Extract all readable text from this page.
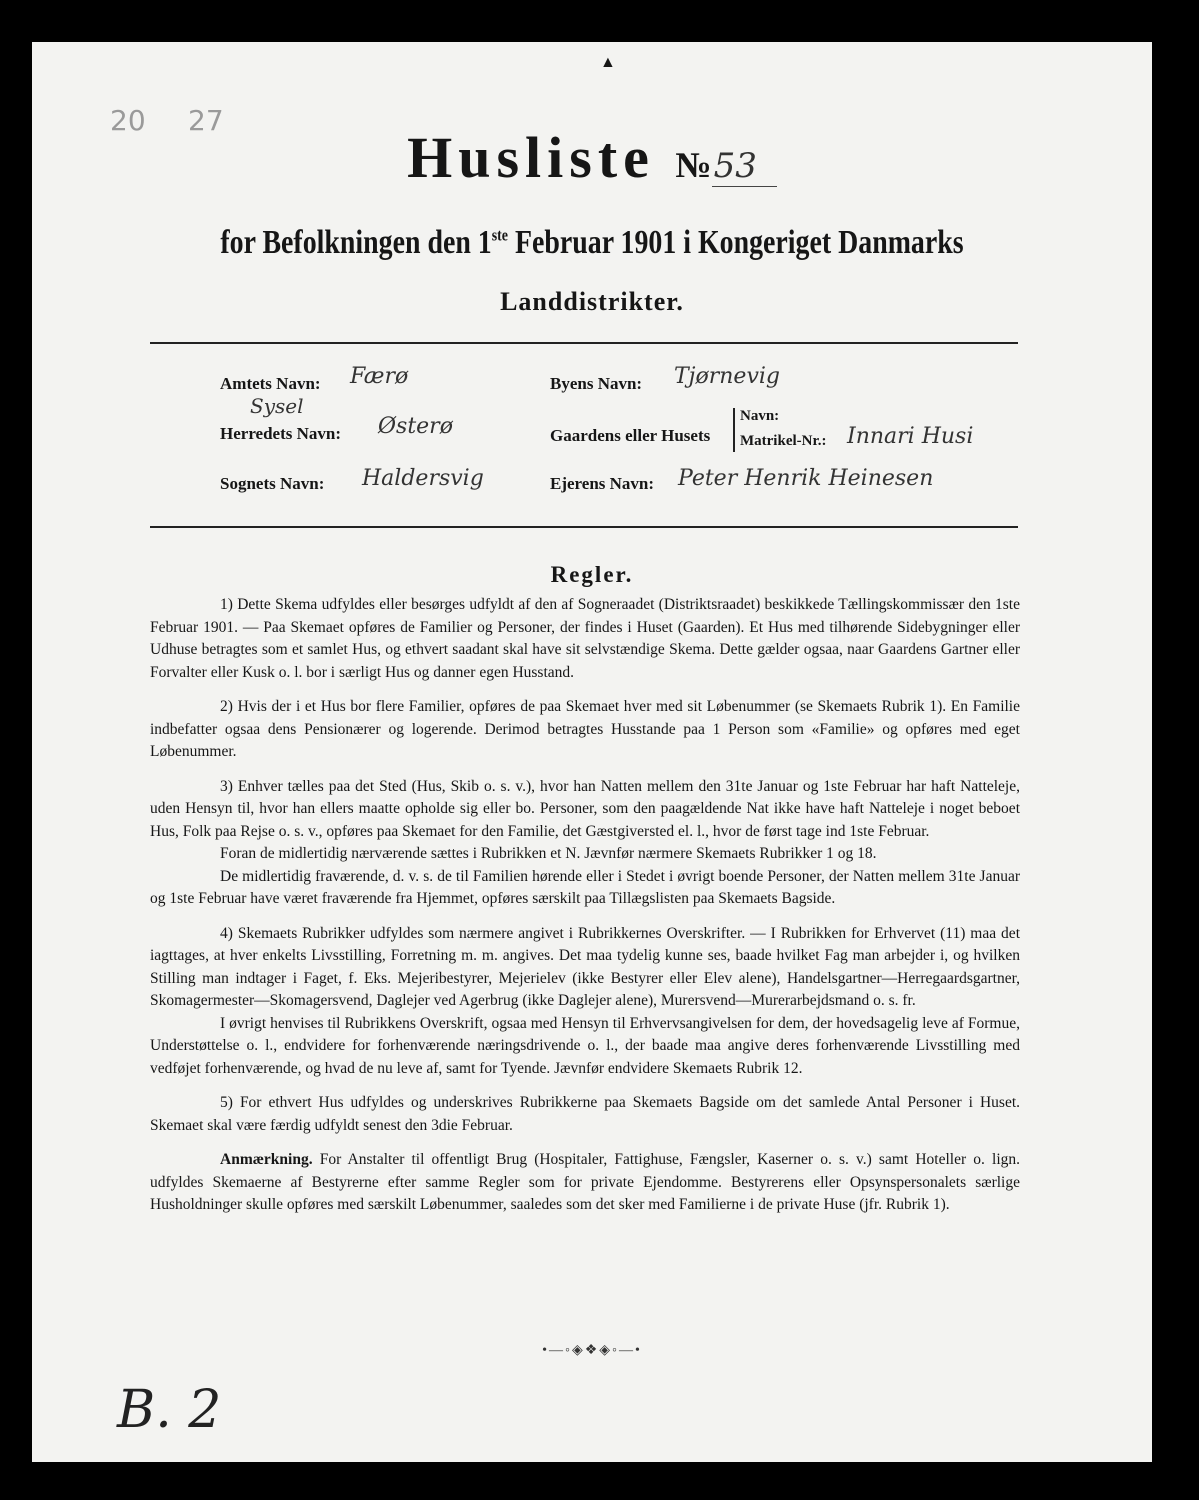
▲
20 27
Husliste №53
for Befolkningen den 1ste Februar 1901 i Kongeriget Danmarks
Landdistrikter.
Amtets Navn: Færø
Sysel
Herredets Navn: Østerø
Sognets Navn: Haldersvig
Byens Navn: Tjørnevig
Gaardens eller Husets
Navn:
Matrikel-Nr.: Innari Husi
Ejerens Navn: Peter Henrik Heinesen
Regler.

1) Dette Skema udfyldes eller besørges udfyldt af den af Sogneraadet (Distriktsraadet) beskikkede Tællingskommissær den 1ste Februar 1901. — Paa Skemaet opføres de Familier og Personer, der findes i Huset (Gaarden). Et Hus med tilhørende Sidebygninger eller Udhuse betragtes som et samlet Hus, og ethvert saadant skal have sit selvstændige Skema. Dette gælder ogsaa, naar Gaardens Gartner eller Forvalter eller Kusk o. l. bor i særligt Hus og danner egen Husstand.

2) Hvis der i et Hus bor flere Familier, opføres de paa Skemaet hver med sit Løbenummer (se Skemaets Rubrik 1). En Familie indbefatter ogsaa dens Pensionærer og logerende. Derimod betragtes Husstande paa 1 Person som «Familie» og opføres med eget Løbenummer.

3) Enhver tælles paa det Sted (Hus, Skib o. s. v.), hvor han Natten mellem den 31te Januar og 1ste Februar har haft Natteleje, uden Hensyn til, hvor han ellers maatte opholde sig eller bo. Personer, som den paagældende Nat ikke have haft Natteleje i noget beboet Hus, Folk paa Rejse o. s. v., opføres paa Skemaet for den Familie, det Gæstgiversted el. l., hvor de først tage ind 1ste Februar.

Foran de midlertidig nærværende sættes i Rubrikken et N. Jævnfør nærmere Skemaets Rubrikker 1 og 18.

De midlertidig fraværende, d. v. s. de til Familien hørende eller i Stedet i øvrigt boende Personer, der Natten mellem 31te Januar og 1ste Februar have været fraværende fra Hjemmet, opføres særskilt paa Tillægslisten paa Skemaets Bagside.

4) Skemaets Rubrikker udfyldes som nærmere angivet i Rubrikkernes Overskrifter. — I Rubrikken for Erhvervet (11) maa det iagttages, at hver enkelts Livsstilling, Forretning m. m. angives. Det maa tydelig kunne ses, baade hvilket Fag man arbejder i, og hvilken Stilling man indtager i Faget, f. Eks. Mejeribestyrer, Mejerielev (ikke Bestyrer eller Elev alene), Handelsgartner—Herregaardsgartner, Skomagermester—Skomagersvend, Daglejer ved Agerbrug (ikke Daglejer alene), Murersvend—Murerarbejdsmand o. s. fr.

I øvrigt henvises til Rubrikkens Overskrift, ogsaa med Hensyn til Erhvervsangivelsen for dem, der hovedsagelig leve af Formue, Understøttelse o. l., endvidere for forhenværende næringsdrivende o. l., der baade maa angive deres forhenværende Livsstilling med vedføjet forhenværende, og hvad de nu leve af, samt for Tyende. Jævnfør endvidere Skemaets Rubrik 12.

5) For ethvert Hus udfyldes og underskrives Rubrikkerne paa Skemaets Bagside om det samlede Antal Personer i Huset. Skemaet skal være færdig udfyldt senest den 3die Februar.

Anmærkning. For Anstalter til offentligt Brug (Hospitaler, Fattighuse, Fængsler, Kaserner o. s. v.) samt Hoteller o. lign. udfyldes Skemaerne af Bestyrerne efter samme Regler som for private Ejendomme. Bestyrerens eller Opsynspersonalets særlige Husholdninger skulle opføres med særskilt Løbenummer, saaledes som det sker med Familierne i de private Huse (jfr. Rubrik 1).

•—◦◈❖◈◦—•
B. 2
